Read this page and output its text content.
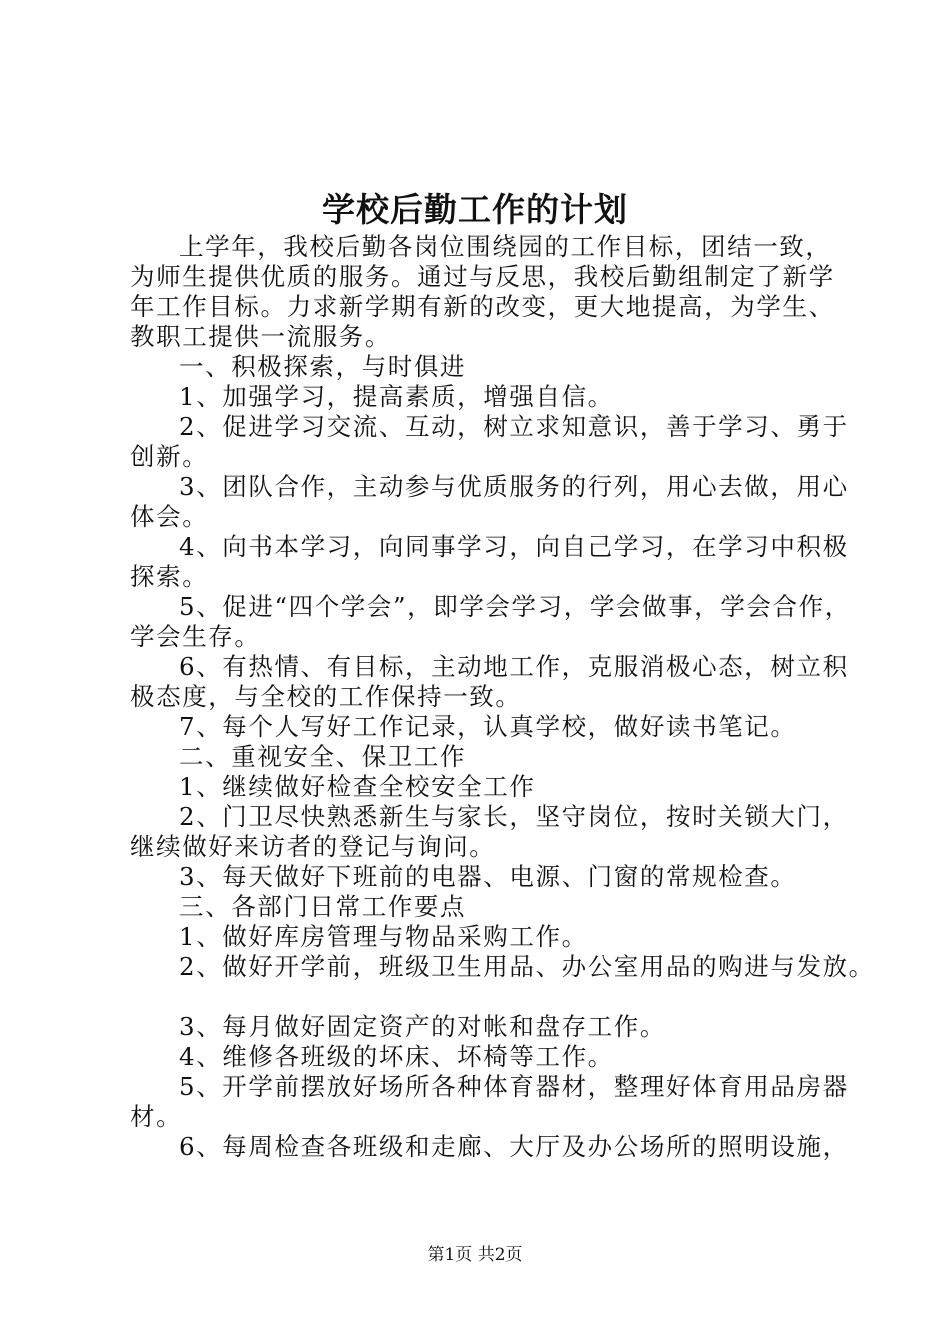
学校后勤工作的计划
上学年，我校后勤各岗位围绕园的工作目标，团结一致，
为师生提供优质的服务。通过与反思，我校后勤组制定了新学
年工作目标。力求新学期有新的改变，更大地提高，为学生、
教职工提供一流服务。
一、积极探索，与时俱进
1、加强学习，提高素质，增强自信。
2、促进学习交流、互动，树立求知意识，善于学习、勇于
创新。
3、团队合作，主动参与优质服务的行列，用心去做，用心
体会。
4、向书本学习，向同事学习，向自己学习，在学习中积极
探索。
5、促进“四个学会”，即学会学习，学会做事，学会合作，
学会生存。
6、有热情、有目标，主动地工作，克服消极心态，树立积
极态度，与全校的工作保持一致。
7、每个人写好工作记录，认真学校，做好读书笔记。
二、重视安全、保卫工作
1、继续做好检查全校安全工作
2、门卫尽快熟悉新生与家长，坚守岗位，按时关锁大门，
继续做好来访者的登记与询问。
3、每天做好下班前的电器、电源、门窗的常规检查。
三、各部门日常工作要点
1、做好库房管理与物品采购工作。
2、做好开学前，班级卫生用品、办公室用品的购进与发放。
3、每月做好固定资产的对帐和盘存工作。
4、维修各班级的坏床、坏椅等工作。
5、开学前摆放好场所各种体育器材，整理好体育用品房器
材。
6、每周检查各班级和走廊、大厅及办公场所的照明设施，
第1页 共2页
